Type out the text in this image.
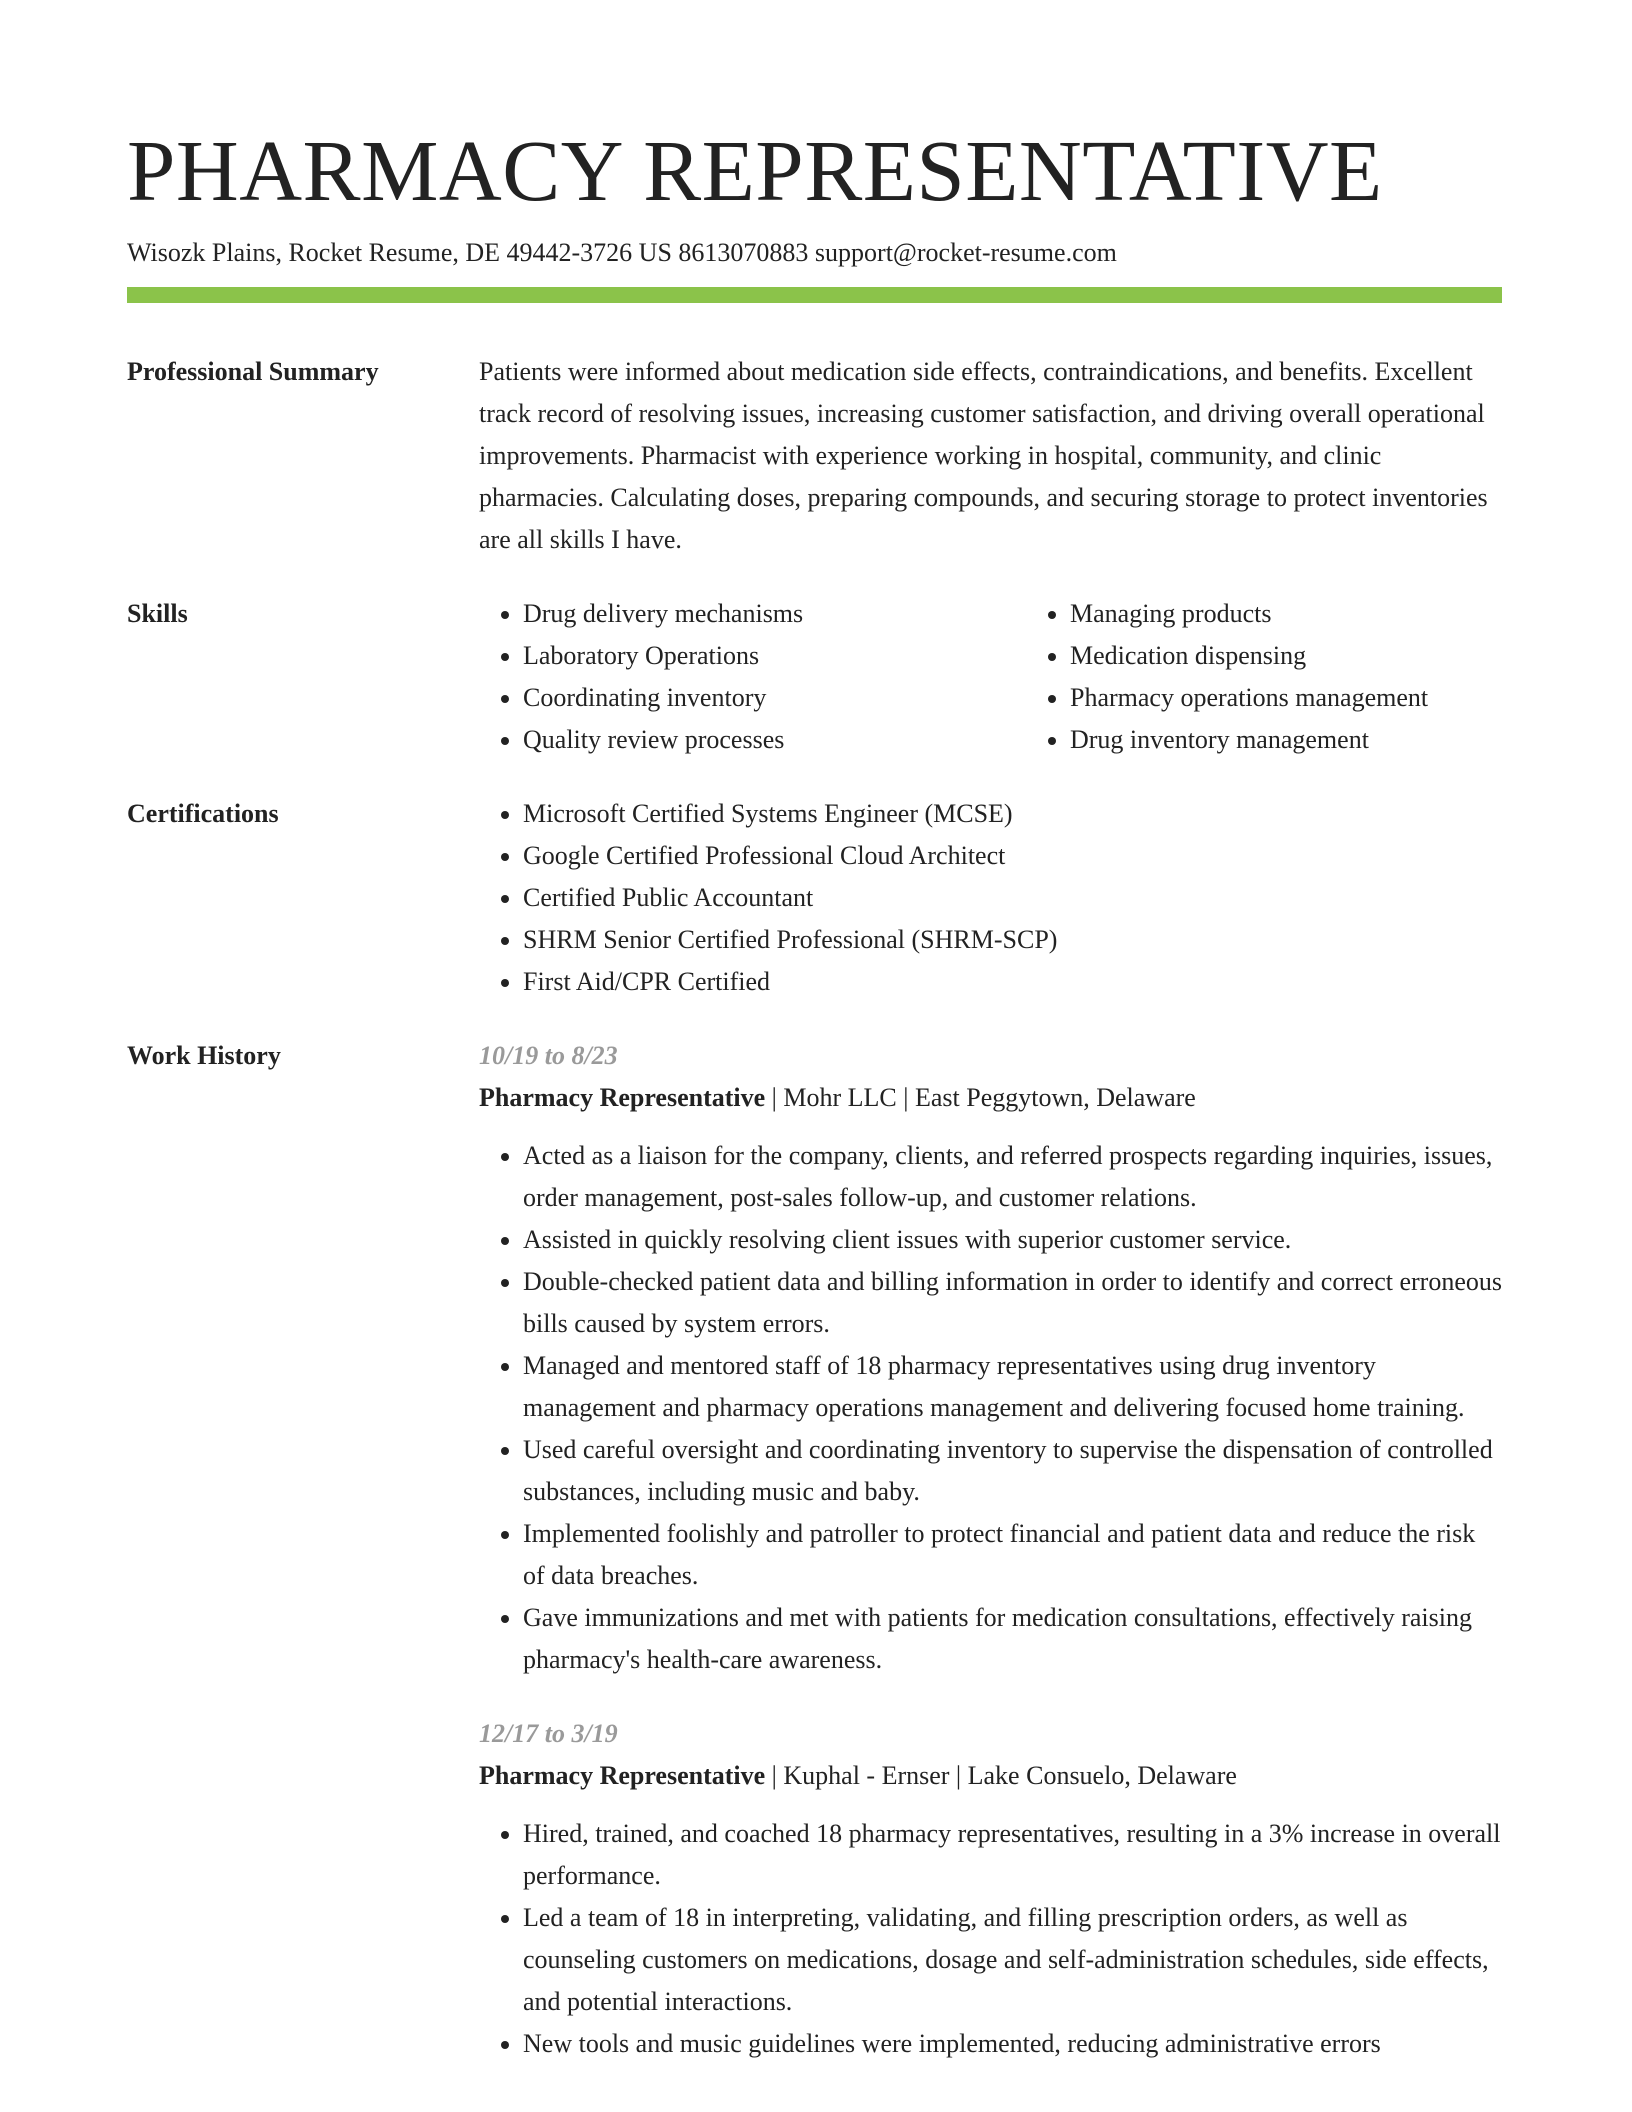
PHARMACY REPRESENTATIVE
Wisozk Plains, Rocket Resume, DE 49442-3726 US 8613070883 support@rocket-resume.com
Professional Summary	Patients were informed about medication side effects, contraindications, and benefits. Excellent track record of resolving issues, increasing customer satisfaction, and driving overall operational improvements. Pharmacist with experience working in hospital, community, and clinic pharmacies. Calculating doses, preparing compounds, and securing storage to protect inventories are all skills I have.
Skills	• Drug delivery mechanisms
• Laboratory Operations
• Coordinating inventory
• Quality review processes
• Managing products
• Medication dispensing
• Pharmacy operations management
• Drug inventory management
Certifications	• Microsoft Certified Systems Engineer (MCSE)
• Google Certified Professional Cloud Architect
• Certified Public Accountant
• SHRM Senior Certified Professional (SHRM-SCP)
• First Aid/CPR Certified
Work History	10/19 to 8/23
Pharmacy Representative | Mohr LLC | East Peggytown, Delaware
• Acted as a liaison for the company, clients, and referred prospects regarding inquiries, issues, order management, post-sales follow-up, and customer relations.
• Assisted in quickly resolving client issues with superior customer service.
• Double-checked patient data and billing information in order to identify and correct erroneous bills caused by system errors.
• Managed and mentored staff of 18 pharmacy representatives using drug inventory management and pharmacy operations management and delivering focused home training.
• Used careful oversight and coordinating inventory to supervise the dispensation of controlled substances, including music and baby.
• Implemented foolishly and patroller to protect financial and patient data and reduce the risk of data breaches.
• Gave immunizations and met with patients for medication consultations, effectively raising pharmacy's health-care awareness.
12/17 to 3/19
Pharmacy Representative | Kuphal - Ernser | Lake Consuelo, Delaware
• Hired, trained, and coached 18 pharmacy representatives, resulting in a 3% increase in overall performance.
• Led a team of 18 in interpreting, validating, and filling prescription orders, as well as counseling customers on medications, dosage and self-administration schedules, side effects, and potential interactions.
• New tools and music guidelines were implemented, reducing administrative errors
